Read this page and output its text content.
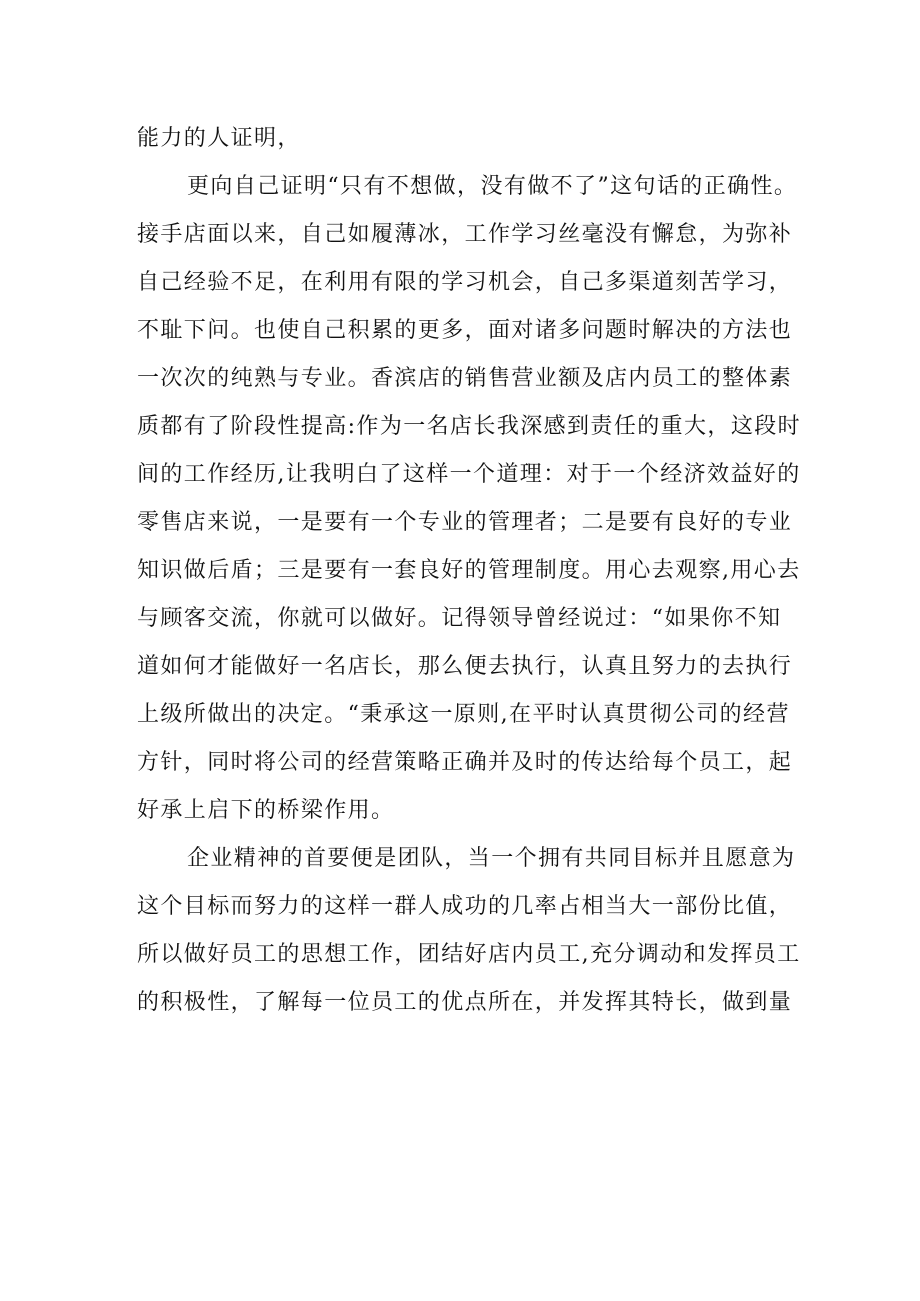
能力的人证明，
更向自己证明“只有不想做，没有做不了”这句话的正确性。
接手店面以来，自己如履薄冰，工作学习丝毫没有懈怠，为弥补
自己经验不足，在利用有限的学习机会，自己多渠道刻苦学习，
不耻下问。也使自己积累的更多，面对诸多问题时解决的方法也
一次次的纯熟与专业。香滨店的销售营业额及店内员工的整体素
质都有了阶段性提高:作为一名店长我深感到责任的重大，这段时
间的工作经历,让我明白了这样一个道理：对于一个经济效益好的
零售店来说，一是要有一个专业的管理者；二是要有良好的专业
知识做后盾；三是要有一套良好的管理制度。用心去观察,用心去
与顾客交流，你就可以做好。记得领导曾经说过：“如果你不知
道如何才能做好一名店长，那么便去执行，认真且努力的去执行
上级所做出的决定。“秉承这一原则,在平时认真贯彻公司的经营
方针，同时将公司的经营策略正确并及时的传达给每个员工，起
好承上启下的桥梁作用。
企业精神的首要便是团队，当一个拥有共同目标并且愿意为
这个目标而努力的这样一群人成功的几率占相当大一部份比值，
所以做好员工的思想工作，团结好店内员工,充分调动和发挥员工
的积极性，了解每一位员工的优点所在，并发挥其特长，做到量
